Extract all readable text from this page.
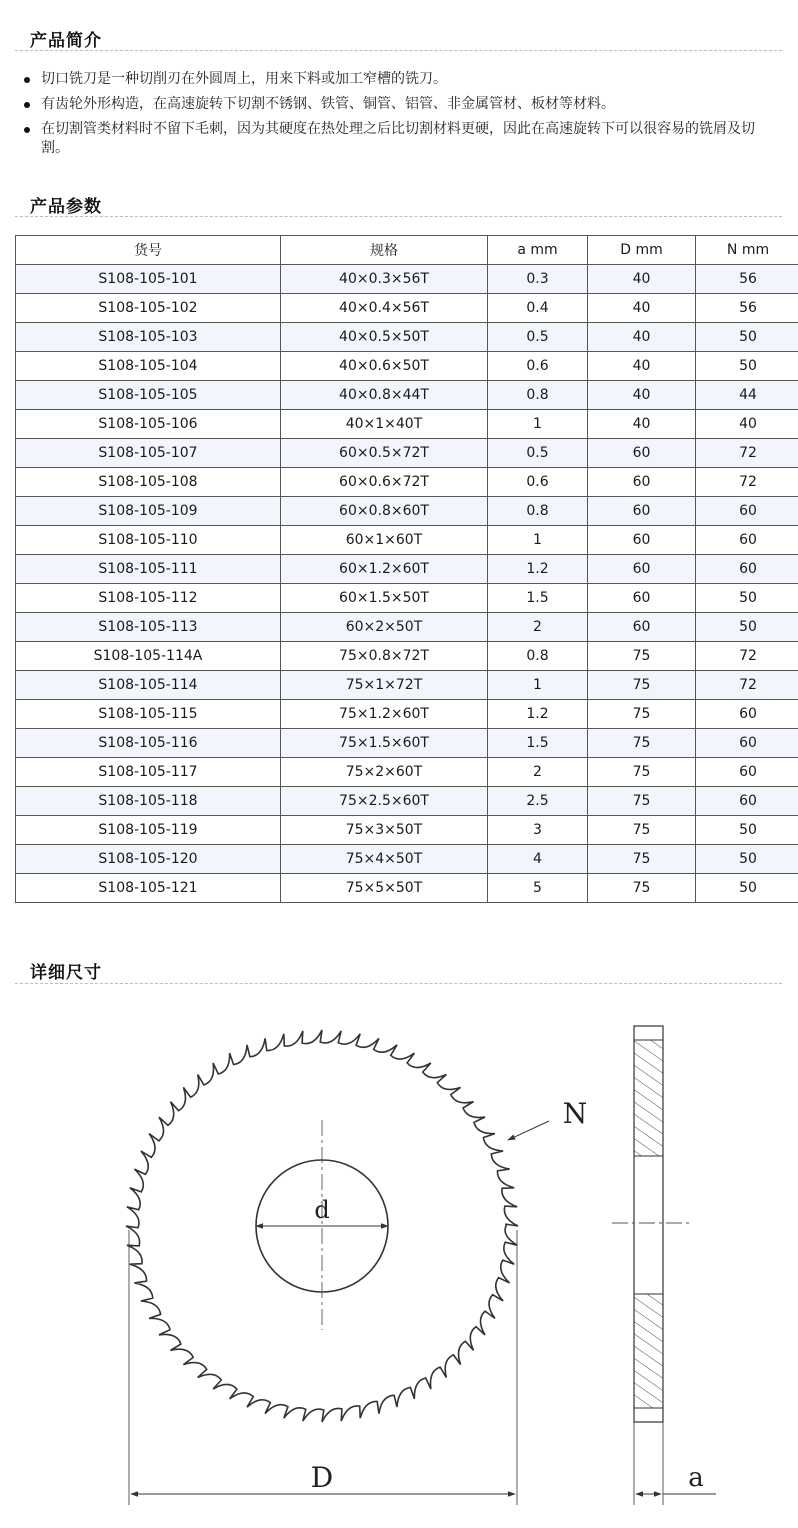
产品简介
切口铣刀是一种切削刃在外圆周上，用来下料或加工窄槽的铣刀。
有齿轮外形构造，在高速旋转下切割不锈钢、铁管、铜管、铝管、非金属管材、板材等材料。
在切割管类材料时不留下毛刺，因为其硬度在热处理之后比切割材料更硬，因此在高速旋转下可以很容易的铣屑及切割。
产品参数
货号	规格	a mm	D mm	N mm
S108-105-101	40×0.3×56T	0.3	40	56
S108-105-102	40×0.4×56T	0.4	40	56
S108-105-103	40×0.5×50T	0.5	40	50
S108-105-104	40×0.6×50T	0.6	40	50
S108-105-105	40×0.8×44T	0.8	40	44
S108-105-106	40×1×40T	1	40	40
S108-105-107	60×0.5×72T	0.5	60	72
S108-105-108	60×0.6×72T	0.6	60	72
S108-105-109	60×0.8×60T	0.8	60	60
S108-105-110	60×1×60T	1	60	60
S108-105-111	60×1.2×60T	1.2	60	60
S108-105-112	60×1.5×50T	1.5	60	50
S108-105-113	60×2×50T	2	60	50
S108-105-114A	75×0.8×72T	0.8	75	72
S108-105-114	75×1×72T	1	75	72
S108-105-115	75×1.2×60T	1.2	75	60
S108-105-116	75×1.5×60T	1.5	75	60
S108-105-117	75×2×60T	2	75	60
S108-105-118	75×2.5×60T	2.5	75	60
S108-105-119	75×3×50T	3	75	50
S108-105-120	75×4×50T	4	75	50
S108-105-121	75×5×50T	5	75	50
详细尺寸
d
N
D	a
